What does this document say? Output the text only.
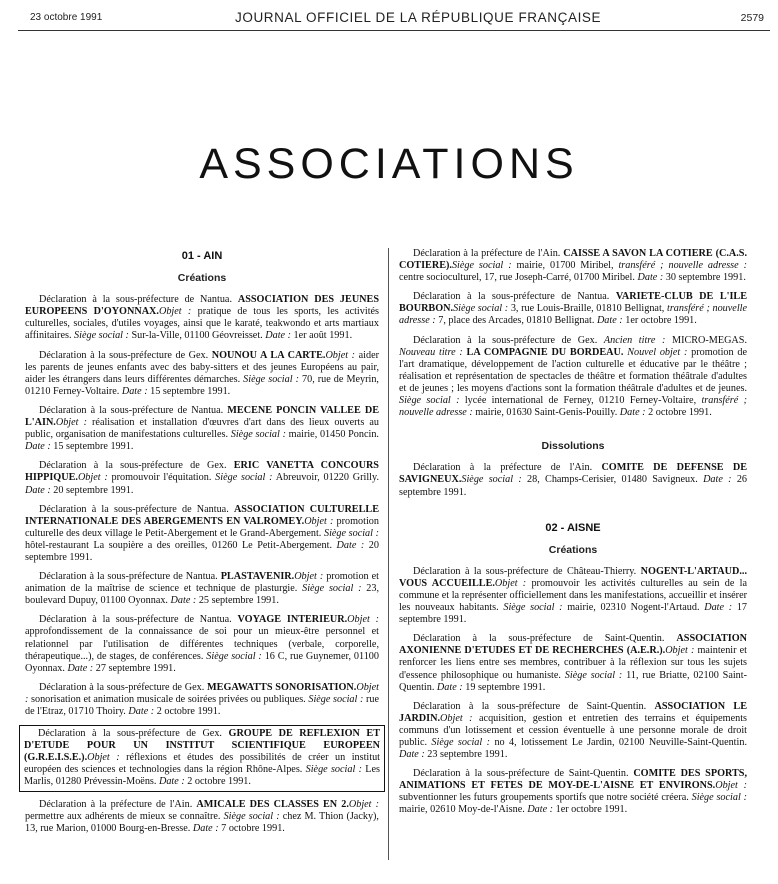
23 octobre 1991	JOURNAL OFFICIEL DE LA RÉPUBLIQUE FRANÇAISE	2579
ASSOCIATIONS
01 - AIN
Créations

Déclaration à la sous-préfecture de Nantua. ASSOCIATION DES JEUNES EUROPEENS D'OYONNAX.Objet : pratique de tous les sports, les activités culturelles, sociales, d'utiles voyages, ainsi que le karaté, teakwondo et arts martiaux affinitaires. Siège social : Sur-la-Ville, 01100 Géovreisset. Date : 1er août 1991.

Déclaration à la sous-préfecture de Gex. NOUNOU A LA CARTE.Objet : aider les parents de jeunes enfants avec des baby-sitters et des jeunes Européens au pair, aider les étrangers dans leurs différentes démarches. Siège social : 70, rue de Meyrin, 01210 Ferney-Voltaire. Date : 15 septembre 1991.

Déclaration à la sous-préfecture de Nantua. MECENE PONCIN VALLEE DE L'AIN.Objet : réalisation et installation d'œuvres d'art dans des lieux ouverts au public, organisation de manifestations culturelles. Siège social : mairie, 01450 Poncin. Date : 15 septembre 1991.

Déclaration à la sous-préfecture de Gex. ERIC VANETTA CONCOURS HIPPIQUE.Objet : promouvoir l'équitation. Siège social : Abreuvoir, 01220 Grilly. Date : 20 septembre 1991.

Déclaration à la sous-préfecture de Nantua. ASSOCIATION CULTURELLE INTERNATIONALE DES ABERGEMENTS EN VALROMEY.Objet : promotion culturelle des deux village le Petit-Abergement et le Grand-Abergement. Siège social : hôtel-restaurant La soupière a des oreilles, 01260 Le Petit-Abergement. Date : 20 septembre 1991.

Déclaration à la sous-préfecture de Nantua. PLASTAVENIR.Objet : promotion et animation de la maîtrise de science et technique de plasturgie. Siège social : 23, boulevard Dupuy, 01100 Oyonnax. Date : 25 septembre 1991.

Déclaration à la sous-préfecture de Nantua. VOYAGE INTERIEUR.Objet : approfondissement de la connaissance de soi pour un mieux-être personnel et relationnel par l'utilisation de différentes techniques (verbale, corporelle, thérapeutique...), de stages, de conférences. Siège social : 16 C, rue Guynemer, 01100 Oyonnax. Date : 27 septembre 1991.

Déclaration à la sous-préfecture de Gex. MEGAWATTS SONORISATION.Objet : sonorisation et animation musicale de soirées privées ou publiques. Siège social : rue de l'Etraz, 01710 Thoiry. Date : 2 octobre 1991.

Déclaration à la sous-préfecture de Gex. GROUPE DE REFLEXION ET D'ETUDE POUR UN INSTITUT SCIENTIFIQUE EUROPEEN (G.R.E.I.S.E.).Objet : réflexions et études des possibilités de créer un institut européen des sciences et technologies dans la région Rhône-Alpes. Siège social : Les Marlis, 01280 Prévessin-Moëns. Date : 2 octobre 1991.

Déclaration à la préfecture de l'Ain. AMICALE DES CLASSES EN 2.Objet : permettre aux adhérents de mieux se connaître. Siège social : chez M. Thion (Jacky), 13, rue Marion, 01000 Bourg-en-Bresse. Date : 7 octobre 1991.

Déclaration à la préfecture de l'Ain. CAISSE A SAVON LA COTIERE (C.A.S. COTIERE).Siège social : mairie, 01700 Miribel, transféré ; nouvelle adresse : centre socioculturel, 17, rue Joseph-Carré, 01700 Miribel. Date : 30 septembre 1991.

Déclaration à la sous-préfecture de Nantua. VARIETE-CLUB DE L'ILE BOURBON.Siège social : 3, rue Louis-Braille, 01810 Bellignat, transféré ; nouvelle adresse : 7, place des Arcades, 01810 Bellignat. Date : 1er octobre 1991.

Déclaration à la sous-préfecture de Gex. Ancien titre : MICRO-MEGAS. Nouveau titre : LA COMPAGNIE DU BORDEAU. Nouvel objet : promotion de l'art dramatique, développement de l'action culturelle et éducative par le théâtre ; réalisation et représentation de spectacles de théâtre et formation théâtrale d'adultes et de jeunes ; les moyens d'actions sont la formation théâtrale d'adultes et de jeunes. Siège social : lycée international de Ferney, 01210 Ferney-Voltaire, transféré ; nouvelle adresse : mairie, 01630 Saint-Genis-Pouilly. Date : 2 octobre 1991.

Dissolutions

Déclaration à la préfecture de l'Ain. COMITE DE DEFENSE DE SAVIGNEUX.Siège social : 28, Champs-Cerisier, 01480 Savigneux. Date : 26 septembre 1991.

02 - AISNE
Créations

Déclaration à la sous-préfecture de Château-Thierry. NOGENT-L'ARTAUD... VOUS ACCUEILLE.Objet : promouvoir les activités culturelles au sein de la commune et la représenter officiellement dans les manifestations, accueillir et insérer les nouveaux habitants. Siège social : mairie, 02310 Nogent-l'Artaud. Date : 17 septembre 1991.

Déclaration à la sous-préfecture de Saint-Quentin. ASSOCIATION AXONIENNE D'ETUDES ET DE RECHERCHES (A.E.R.).Objet : maintenir et renforcer les liens entre ses membres, contribuer à la réflexion sur tous les sujets d'essence philosophique ou humaniste. Siège social : 11, rue Briatte, 02100 Saint-Quentin. Date : 19 septembre 1991.

Déclaration à la sous-préfecture de Saint-Quentin. ASSOCIATION LE JARDIN.Objet : acquisition, gestion et entretien des terrains et équipements communs d'un lotissement et cession éventuelle à une personne morale de droit public. Siège social : no 4, lotissement Le Jardin, 02100 Neuville-Saint-Quentin. Date : 23 septembre 1991.

Déclaration à la sous-préfecture de Saint-Quentin. COMITE DES SPORTS, ANIMATIONS ET FETES DE MOY-DE-L'AISNE ET ENVIRONS.Objet : subventionner les futurs groupements sportifs que notre société créera. Siège social : mairie, 02610 Moy-de-l'Aisne. Date : 1er octobre 1991.
